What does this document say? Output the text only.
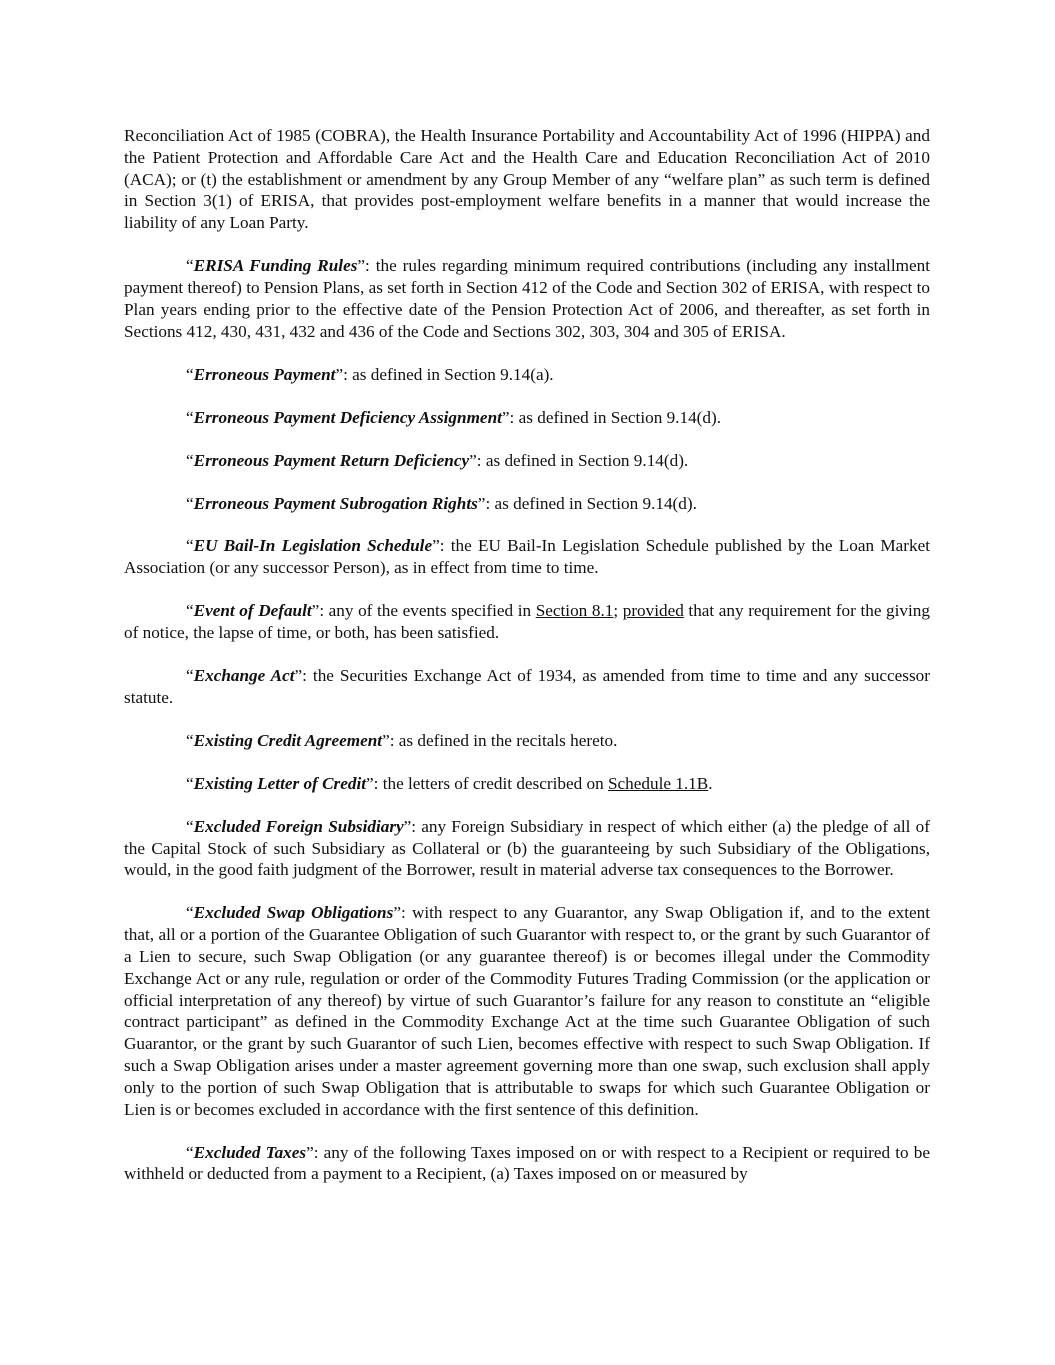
Reconciliation Act of 1985 (COBRA), the Health Insurance Portability and Accountability Act of 1996 (HIPPA) and the Patient Protection and Affordable Care Act and the Health Care and Education Reconciliation Act of 2010 (ACA); or (t) the establishment or amendment by any Group Member of any “welfare plan” as such term is defined in Section 3(1) of ERISA, that provides post-employment welfare benefits in a manner that would increase the liability of any Loan Party.

“ERISA Funding Rules”: the rules regarding minimum required contributions (including any installment payment thereof) to Pension Plans, as set forth in Section 412 of the Code and Section 302 of ERISA, with respect to Plan years ending prior to the effective date of the Pension Protection Act of 2006, and thereafter, as set forth in Sections 412, 430, 431, 432 and 436 of the Code and Sections 302, 303, 304 and 305 of ERISA.

“Erroneous Payment”: as defined in Section 9.14(a).

“Erroneous Payment Deficiency Assignment”: as defined in Section 9.14(d).

“Erroneous Payment Return Deficiency”: as defined in Section 9.14(d).

“Erroneous Payment Subrogation Rights”: as defined in Section 9.14(d).

“EU Bail-In Legislation Schedule”: the EU Bail-In Legislation Schedule published by the Loan Market Association (or any successor Person), as in effect from time to time.

“Event of Default”: any of the events specified in Section 8.1; provided that any requirement for the giving of notice, the lapse of time, or both, has been satisfied.

“Exchange Act”: the Securities Exchange Act of 1934, as amended from time to time and any successor statute.

“Existing Credit Agreement”: as defined in the recitals hereto.

“Existing Letter of Credit”: the letters of credit described on Schedule 1.1B.

“Excluded Foreign Subsidiary”: any Foreign Subsidiary in respect of which either (a) the pledge of all of the Capital Stock of such Subsidiary as Collateral or (b) the guaranteeing by such Subsidiary of the Obligations, would, in the good faith judgment of the Borrower, result in material adverse tax consequences to the Borrower.

“Excluded Swap Obligations”: with respect to any Guarantor, any Swap Obligation if, and to the extent that, all or a portion of the Guarantee Obligation of such Guarantor with respect to, or the grant by such Guarantor of a Lien to secure, such Swap Obligation (or any guarantee thereof) is or becomes illegal under the Commodity Exchange Act or any rule, regulation or order of the Commodity Futures Trading Commission (or the application or official interpretation of any thereof) by virtue of such Guarantor’s failure for any reason to constitute an “eligible contract participant” as defined in the Commodity Exchange Act at the time such Guarantee Obligation of such Guarantor, or the grant by such Guarantor of such Lien, becomes effective with respect to such Swap Obligation. If such a Swap Obligation arises under a master agreement governing more than one swap, such exclusion shall apply only to the portion of such Swap Obligation that is attributable to swaps for which such Guarantee Obligation or Lien is or becomes excluded in accordance with the first sentence of this definition.

“Excluded Taxes”: any of the following Taxes imposed on or with respect to a Recipient or required to be withheld or deducted from a payment to a Recipient, (a) Taxes imposed on or measured by
